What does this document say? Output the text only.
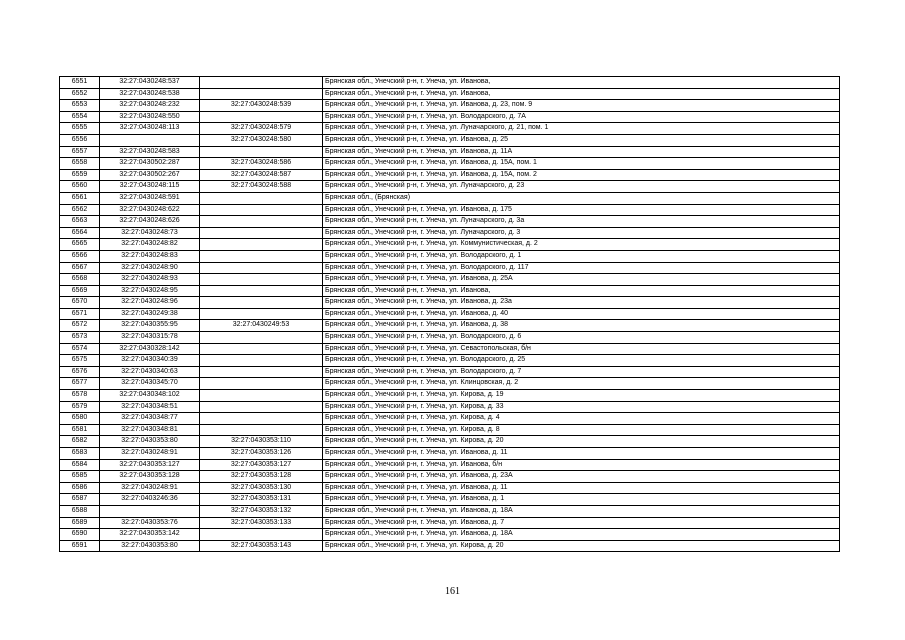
6551	32:27:0430248:537		Брянская обл., Унечский р-н, г. Унеча, ул. Иванова,
6552	32:27:0430248:538		Брянская обл., Унечский р-н, г. Унеча, ул. Иванова,
6553	32:27:0430248:232	32:27:0430248:539	Брянская обл., Унечский р-н, г. Унеча, ул. Иванова, д. 23, пом. 9
6554	32:27:0430248:550		Брянская обл., Унечский р-н, г. Унеча, ул. Володарского, д. 7А
6555	32:27:0430248:113	32:27:0430248:579	Брянская обл., Унечский р-н, г. Унеча, ул. Луначарского, д. 21, пом. 1
6556		32:27:0430248:580	Брянская обл., Унечский р-н, г. Унеча, ул. Иванова, д. 25
6557	32:27:0430248:583		Брянская обл., Унечский р-н, г. Унеча, ул. Иванова, д. 11А
6558	32:27:0430502:287	32:27:0430248:586	Брянская обл., Унечский р-н, г. Унеча, ул. Иванова, д. 15А, пом. 1
6559	32:27:0430502:267	32:27:0430248:587	Брянская обл., Унечский р-н, г. Унеча, ул. Иванова, д. 15А, пом. 2
6560	32:27:0430248:115	32:27:0430248:588	Брянская обл., Унечский р-н, г. Унеча, ул. Луначарского, д. 23
6561	32:27:0430248:591		Брянская обл., (Брянская)
6562	32:27:0430248:622		Брянская обл., Унечский р-н, г. Унеча, ул. Иванова, д. 175
6563	32:27:0430248:626		Брянская обл., Унечский р-н, г. Унеча, ул. Луначарского, д. 3а
6564	32:27:0430248:73		Брянская обл., Унечский р-н, г. Унеча, ул. Луначарского, д. 3
6565	32:27:0430248:82		Брянская обл., Унечский р-н, г. Унеча, ул. Коммунистическая, д. 2
6566	32:27:0430248:83		Брянская обл., Унечский р-н, г. Унеча, ул. Володарского, д. 1
6567	32:27:0430248:90		Брянская обл., Унечский р-н, г. Унеча, ул. Володарского, д. 117
6568	32:27:0430248:93		Брянская обл., Унечский р-н, г. Унеча, ул. Иванова, д. 25А
6569	32:27:0430248:95		Брянская обл., Унечский р-н, г. Унеча, ул. Иванова,
6570	32:27:0430248:96		Брянская обл., Унечский р-н, г. Унеча, ул. Иванова, д. 23а
6571	32:27:0430249:38		Брянская обл., Унечский р-н, г. Унеча, ул. Иванова, д. 40
6572	32:27:0430355:95	32:27:0430249:53	Брянская обл., Унечский р-н, г. Унеча, ул. Иванова, д. 38
6573	32:27:0430315:78		Брянская обл., Унечский р-н, г. Унеча, ул. Володарского, д. 6
6574	32:27:0430328:142		Брянская обл., Унечский р-н, г. Унеча, ул. Севастопольская, б/н
6575	32:27:0430340:39		Брянская обл., Унечский р-н, г. Унеча, ул. Володарского, д. 25
6576	32:27:0430340:63		Брянская обл., Унечский р-н, г. Унеча, ул. Володарского, д. 7
6577	32:27:0430345:70		Брянская обл., Унечский р-н, г. Унеча, ул. Клинцовская, д. 2
6578	32:27:0430348:102		Брянская обл., Унечский р-н, г. Унеча, ул. Кирова, д. 19
6579	32:27:0430348:51		Брянская обл., Унечский р-н, г. Унеча, ул. Кирова, д. 33
6580	32:27:0430348:77		Брянская обл., Унечский р-н, г. Унеча, ул. Кирова, д. 4
6581	32:27:0430348:81		Брянская обл., Унечский р-н, г. Унеча, ул. Кирова, д. 8
6582	32:27:0430353:80	32:27:0430353:110	Брянская обл., Унечский р-н, г. Унеча, ул. Кирова, д. 20
6583	32:27:0430248:91	32:27:0430353:126	Брянская обл., Унечский р-н, г. Унеча, ул. Иванова, д. 11
6584	32:27:0430353:127	32:27:0430353:127	Брянская обл., Унечский р-н, г. Унеча, ул. Иванова, б/н
6585	32:27:0430353:128	32:27:0430353:128	Брянская обл., Унечский р-н, г. Унеча, ул. Иванова, д. 23А
6586	32:27:0430248:91	32:27:0430353:130	Брянская обл., Унечский р-н, г. Унеча, ул. Иванова, д. 11
6587	32:27:0403246:36	32:27:0430353:131	Брянская обл., Унечский р-н, г. Унеча, ул. Иванова, д. 1
6588		32:27:0430353:132	Брянская обл., Унечский р-н, г. Унеча, ул. Иванова, д. 18А
6589	32:27:0430353:76	32:27:0430353:133	Брянская обл., Унечский р-н, г. Унеча, ул. Иванова, д. 7
6590	32:27:0430353:142		Брянская обл., Унечский р-н, г. Унеча, ул. Иванова, д. 18А
6591	32:27:0430353:80	32:27:0430353:143	Брянская обл., Унечский р-н, г. Унеча, ул. Кирова, д. 20
161
